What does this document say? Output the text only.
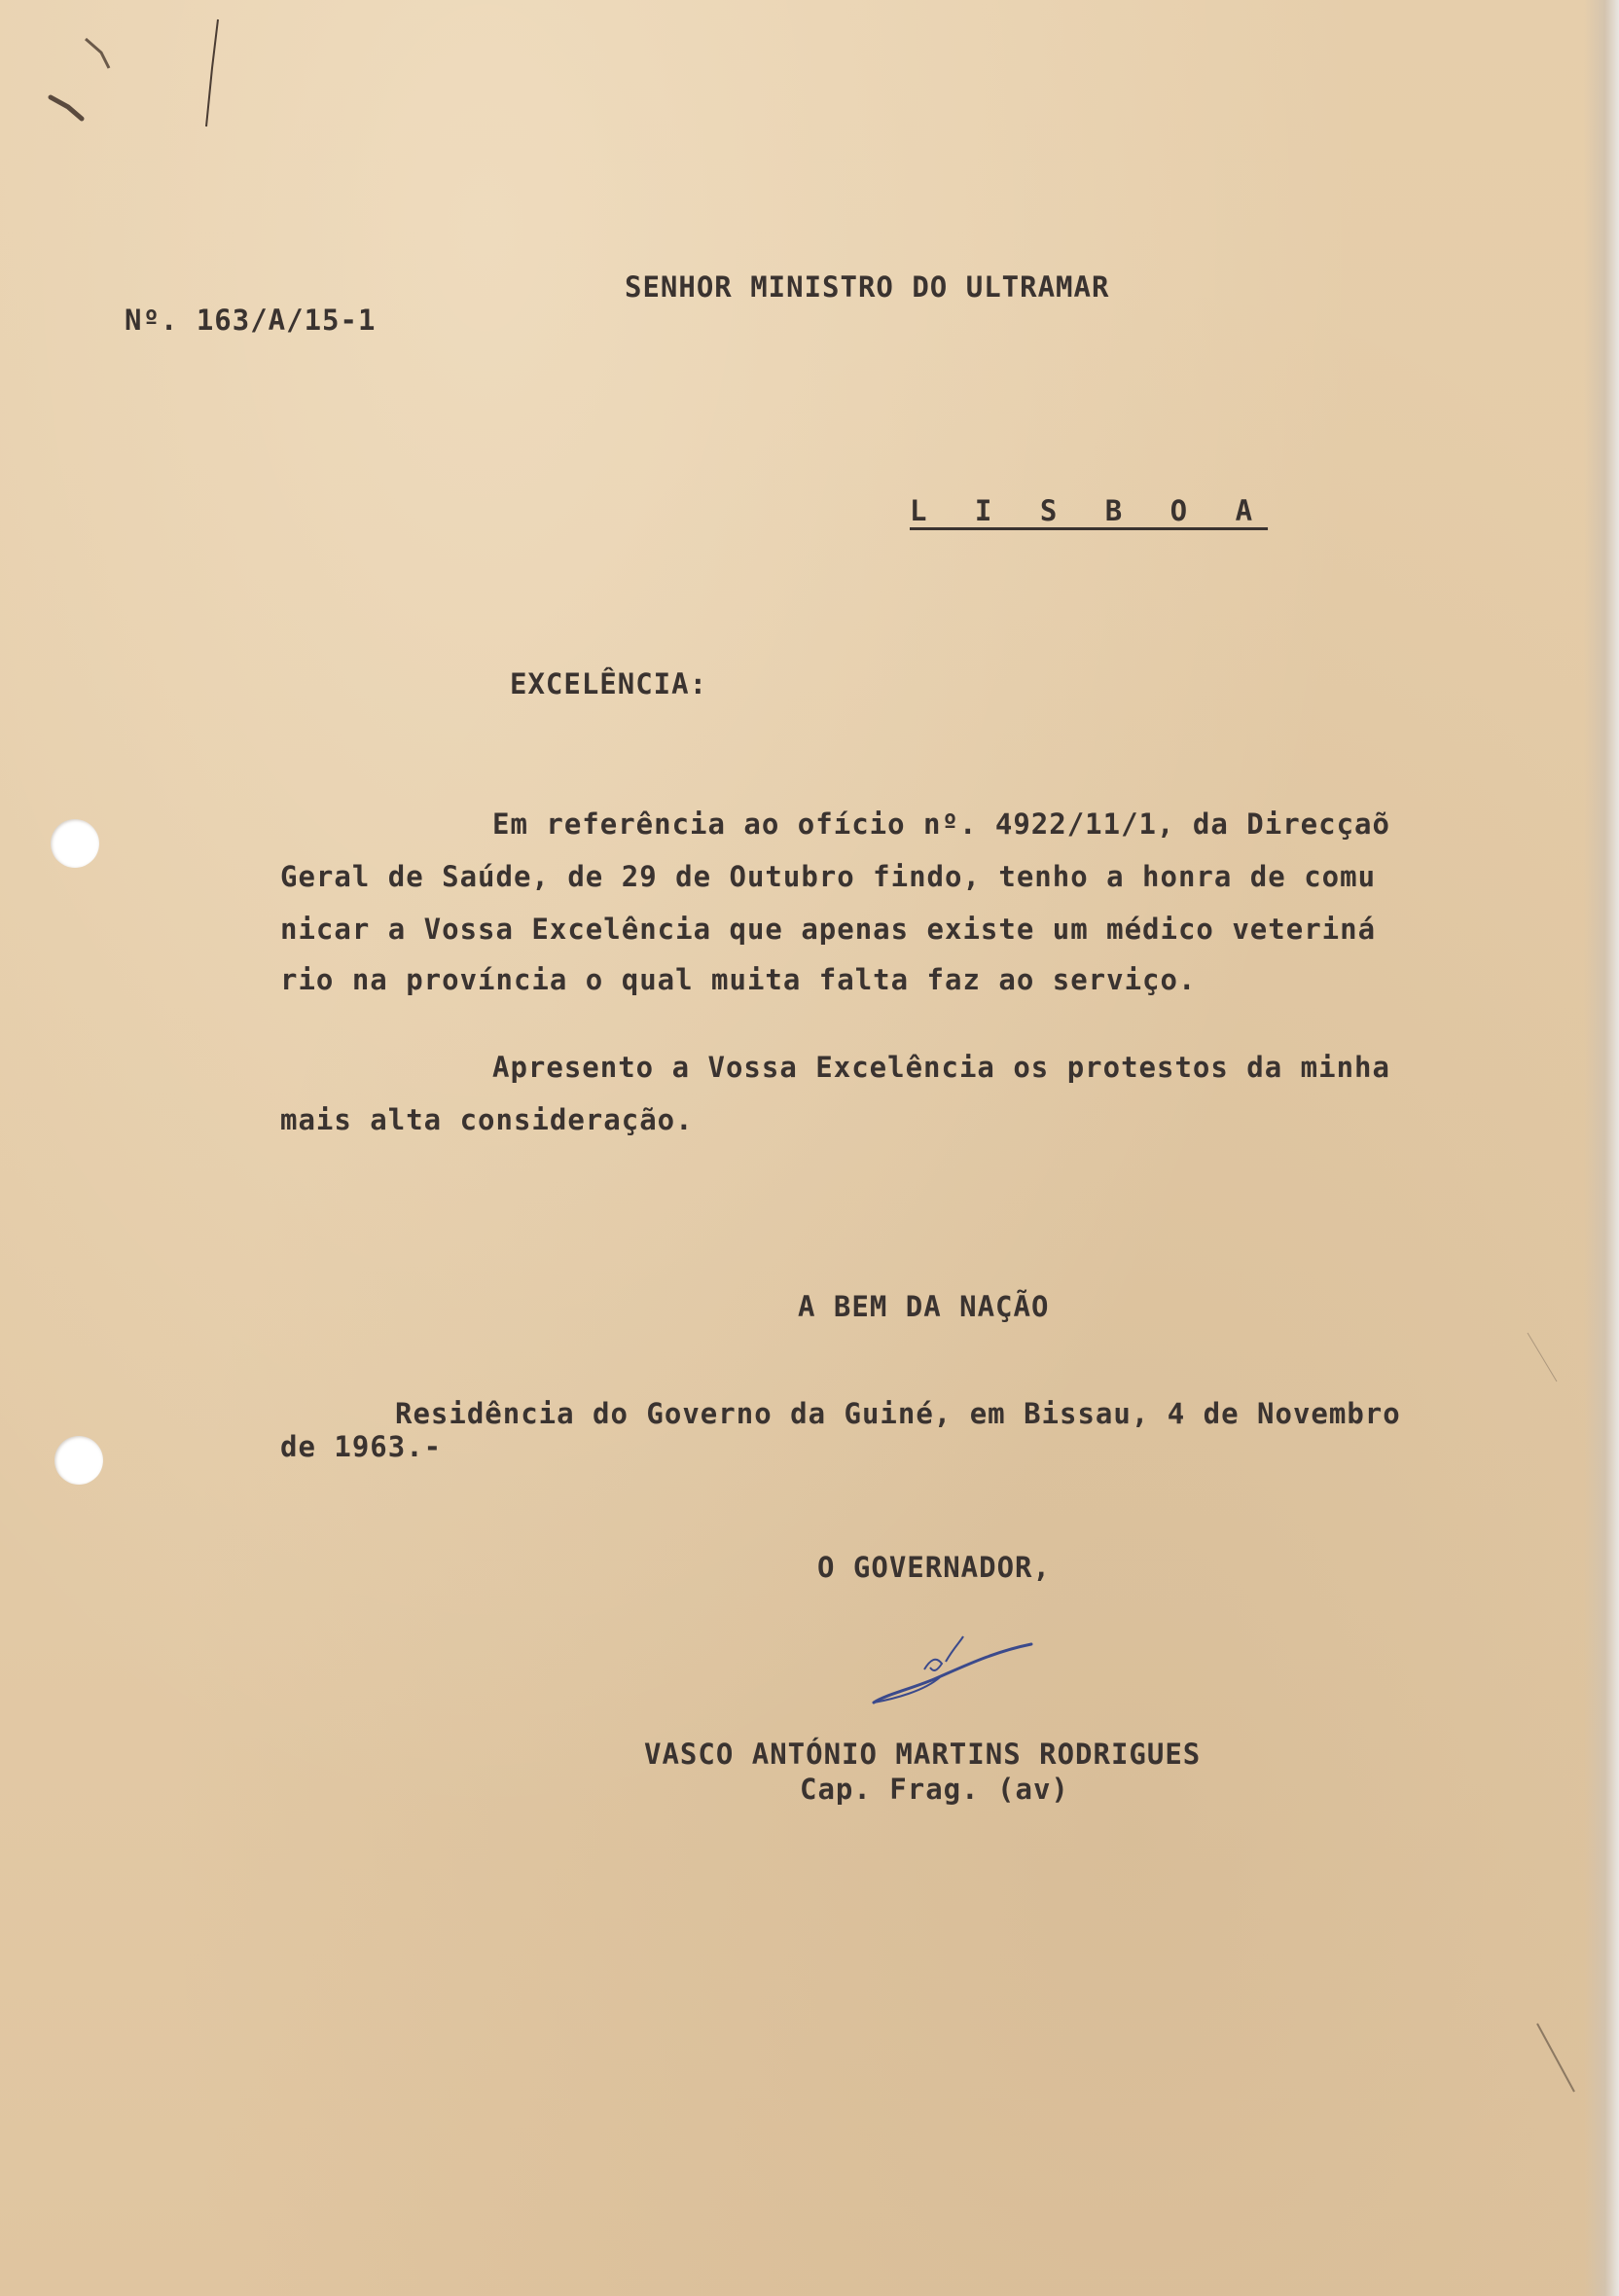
Nº. 163/A/15-1
SENHOR MINISTRO DO ULTRAMAR
L I S B O A
EXCELÊNCIA:
Em referência ao ofício nº. 4922/11/1, da Direcçaõ
Geral de Saúde, de 29 de Outubro findo, tenho a honra de comu
nicar a Vossa Excelência que apenas existe um médico veteriná
rio na província o qual muita falta faz ao serviço.
Apresento a Vossa Excelência os protestos da minha
mais alta consideração.
A BEM DA NAÇÃO
Residência do Governo da Guiné, em Bissau, 4 de Novembro
de 1963.-
O GOVERNADOR,
VASCO ANTÓNIO MARTINS RODRIGUES
Cap. Frag. (av)
